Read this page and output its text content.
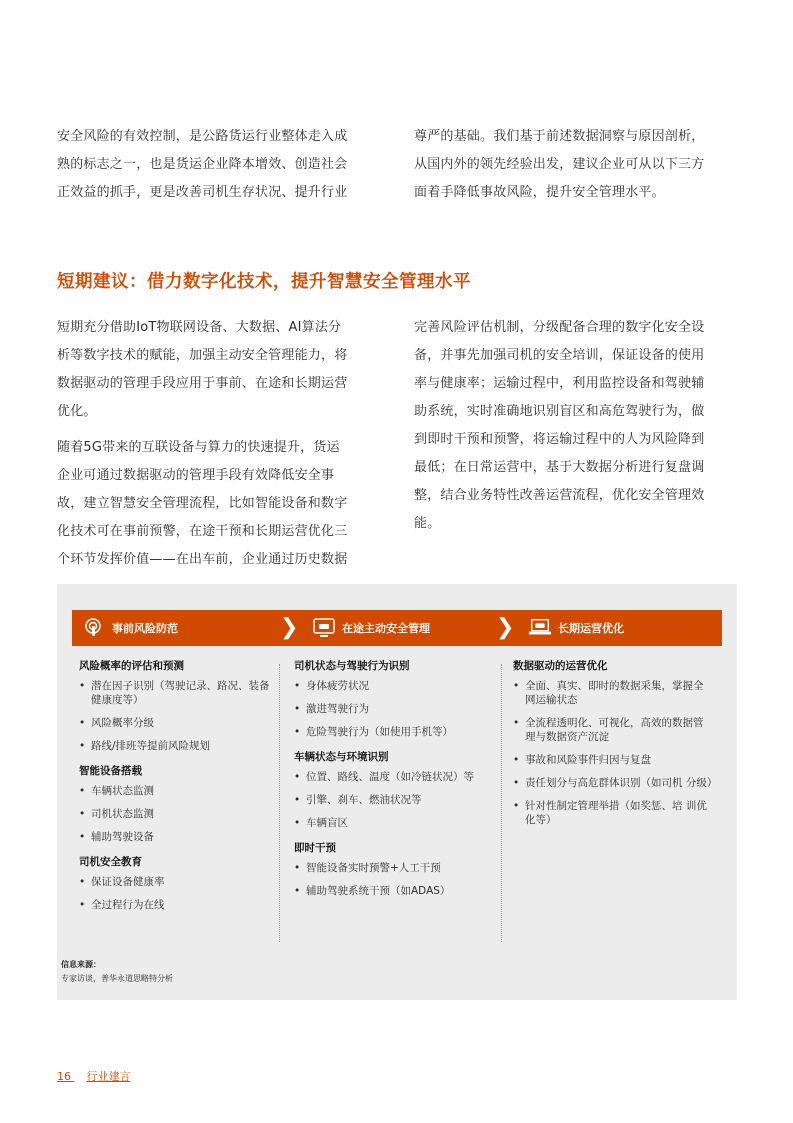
安全风险的有效控制，是公路货运行业整体走入成

熟的标志之一，也是货运企业降本增效、创造社会

正效益的抓手，更是改善司机生存状况、提升行业

尊严的基础。我们基于前述数据洞察与原因剖析，

从国内外的领先经验出发，建议企业可从以下三方

面着手降低事故风险，提升安全管理水平。

短期建议：借力数字化技术，提升智慧安全管理水平

短期充分借助IoT物联网设备、大数据、AI算法分
析等数字技术的赋能，加强主动安全管理能力，将
数据驱动的管理手段应用于事前、在途和长期运营
优化。

随着5G带来的互联设备与算力的快速提升，货运
企业可通过数据驱动的管理手段有效降低安全事
故，建立智慧安全管理流程，比如智能设备和数字
化技术可在事前预警，在途干预和长期运营优化三
个环节发挥价值——在出车前，企业通过历史数据

完善风险评估机制，分级配备合理的数字化安全设

备，并事先加强司机的安全培训，保证设备的使用

率与健康率；运输过程中，利用监控设备和驾驶辅

助系统，实时准确地识别盲区和高危驾驶行为，做

到即时干预和预警，将运输过程中的人为风险降到

最低；在日常运营中，基于大数据分析进行复盘调

整，结合业务特性改善运营流程，优化安全管理效

能。

事前风险防范	❯	在途主动安全管理	❯	长期运营优化
风险概率的评估和预测
• 潜在因子识别（驾驶记录、路况、装备健康度等）
• 风险概率分级
• 路线/排班等提前风险规划
智能设备搭载
• 车辆状态监测
• 司机状态监测
• 辅助驾驶设备
司机安全教育
• 保证设备健康率
• 全过程行为在线
司机状态与驾驶行为识别
• 身体疲劳状况
• 激进驾驶行为
• 危险驾驶行为（如使用手机等）
车辆状态与环境识别
• 位置、路线、温度（如冷链状况）等
• 引擎、刹车、燃油状况等
• 车辆盲区
即时干预
• 智能设备实时预警+人工干预
• 辅助驾驶系统干预（如ADAS）
数据驱动的运营优化
• 全面、真实、即时的数据采集，掌握全网运输状态
• 全流程透明化、可视化，高效的数据管理与数据资产沉淀
• 事故和风险事件归因与复盘
• 责任划分与高危群体识别（如司机 分级）
• 针对性制定管理举措（如奖惩、培 训优化等）
信息来源：
专家访谈，普华永道思略特分析
16 行业建言
